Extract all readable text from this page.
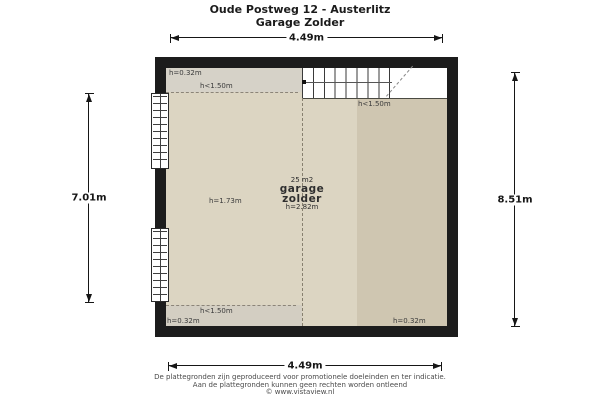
Oude Postweg 12 - Austerlitz
Garage Zolder
4.49m
h=0.32m
h<1.50m
h<1.50m
h=1.73m
h<1.50m
h=0.32m	h=0.32m
25 m2
garage
zolder
h=2.82m
7.01m	8.51m
4.49m
De plattegronden zijn geproduceerd voor promotionele doeleinden en ter indicatie.
Aan de plattegronden kunnen geen rechten worden ontleend
© www.vistaview.nl
